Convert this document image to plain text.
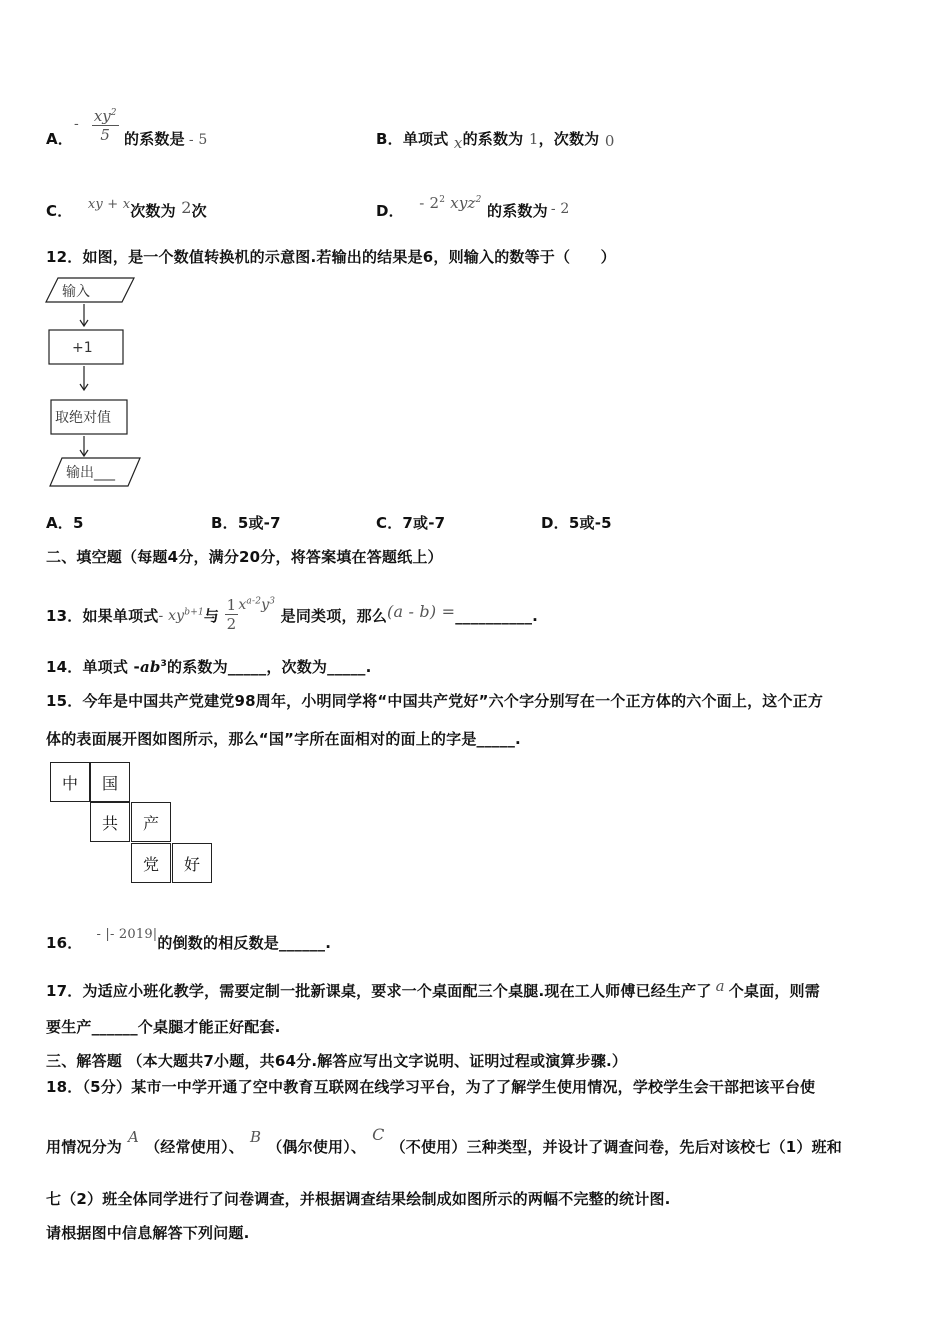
A．
- $\frac{xy^2}{5}$ 的系数是 - 5	B．单项式 x的系数为 1，次数为 0
C． xy + x次数为 2次	D． - $2^2$ xyz$^2$ 的系数为 - 2
12．如图，是一个数值转换机的示意图.若输出的结果是6，则输入的数等于（　　）
输入
+1
取绝对值
输出___
A．5	B．5或-7	C．7或-7	D．5或-5
二、填空题（每题4分，满分20分，将答案填在答题纸上）
13．如果单项式- $xy^{b+1}$与 $\frac{1}{2} x^{a-2}y^3$ 是同类项，那么(a - b) =__________.
14．单项式 $-ab^3$的系数为_____，次数为_____.
15．今年是中国共产党建党98周年，小明同学将“中国共产党好”六个字分别写在一个正方体的六个面上，这个正方
体的表面展开图如图所示，那么“国”字所在面相对的面上的字是_____.
中	国
共	产
党	好
16． - |- 2019|的倒数的相反数是______.
17．为适应小班化教学，需要定制一批新课桌，要求一个桌面配三个桌腿.现在工人师傅已经生产了 a 个桌面，则需
要生产______个桌腿才能正好配套.
三、解答题 （本大题共7小题，共64分.解答应写出文字说明、证明过程或演算步骤.）
18．（5分）某市一中学开通了空中教育互联网在线学习平台，为了了解学生使用情况，学校学生会干部把该平台使
用情况分为A（经常使用）、B（偶尔使用）、C（不使用）三种类型，并设计了调查问卷，先后对该校七（1）班和
七（2）班全体同学进行了问卷调查，并根据调查结果绘制成如图所示的两幅不完整的统计图.
请根据图中信息解答下列问题.
